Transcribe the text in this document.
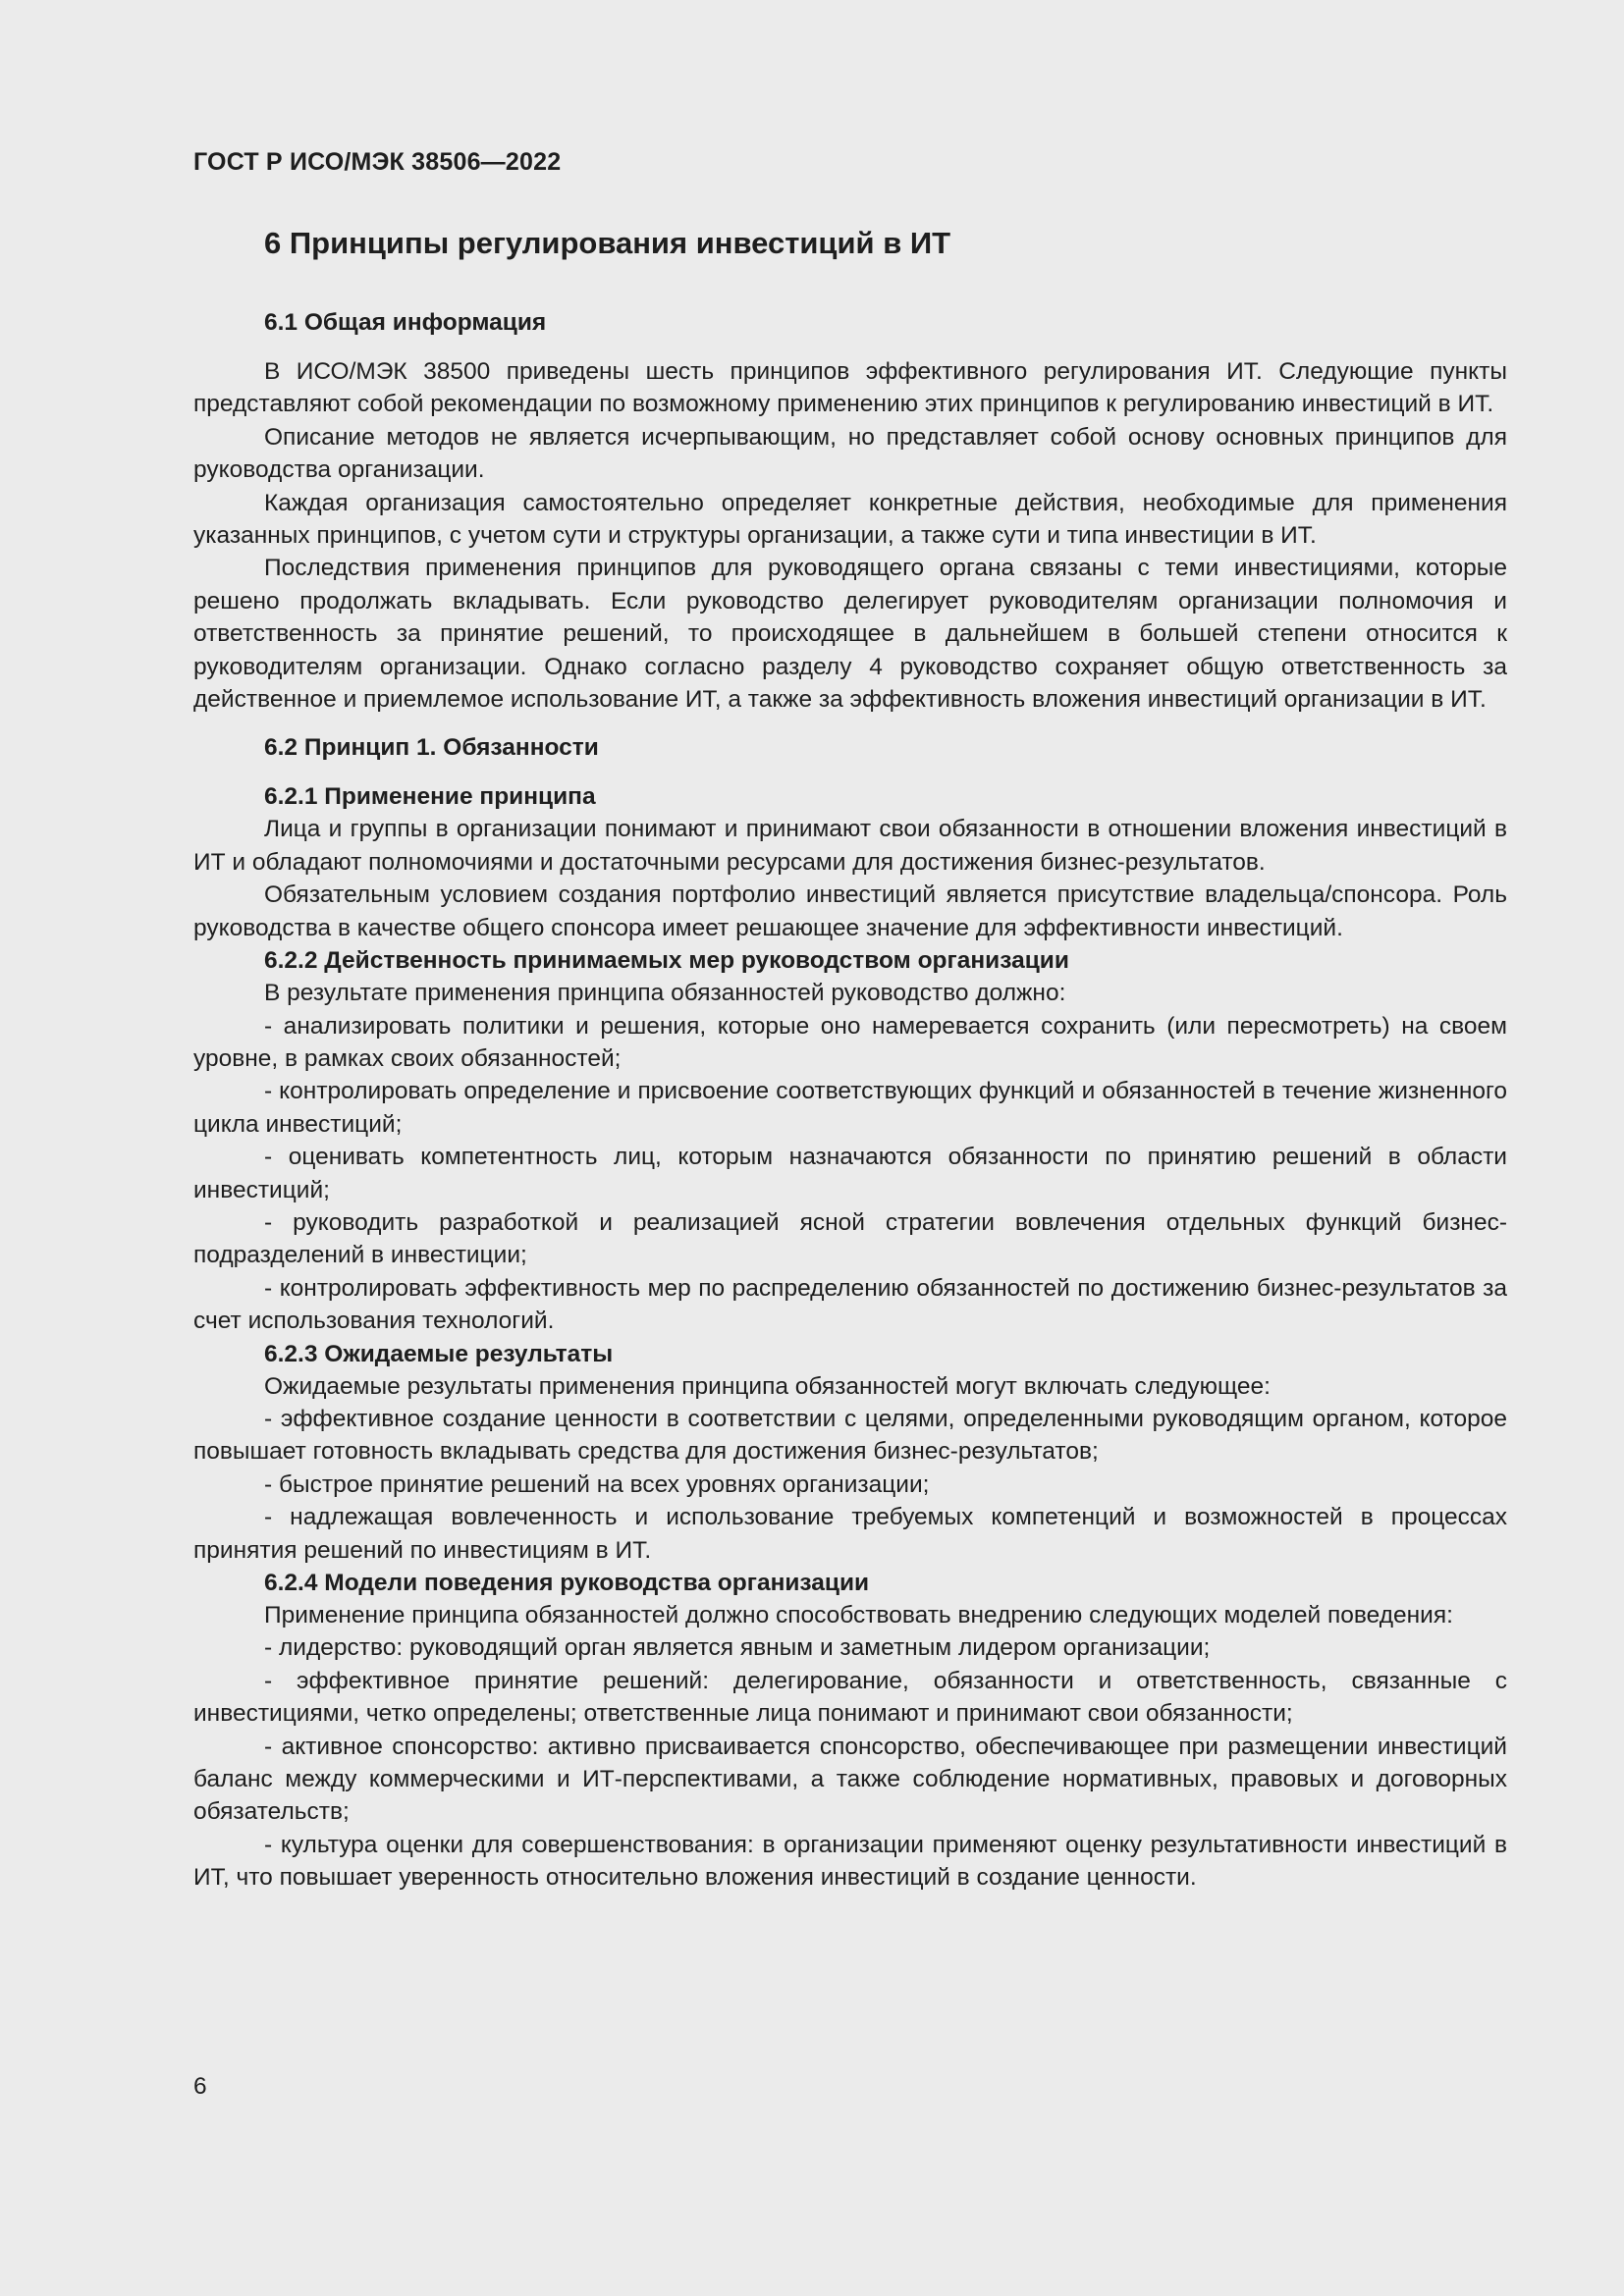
ГОСТ Р ИСО/МЭК 38506—2022

6 Принципы регулирования инвестиций в ИТ
6.1 Общая информация

В ИСО/МЭК 38500 приведены шесть принципов эффективного регулирования ИТ. Следующие пункты представляют собой рекомендации по возможному применению этих принципов к регулированию инвестиций в ИТ.

Описание методов не является исчерпывающим, но представляет собой основу основных принципов для руководства организации.

Каждая организация самостоятельно определяет конкретные действия, необходимые для применения указанных принципов, с учетом сути и структуры организации, а также сути и типа инвестиции в ИТ.

Последствия применения принципов для руководящего органа связаны с теми инвестициями, которые решено продолжать вкладывать. Если руководство делегирует руководителям организации полномочия и ответственность за принятие решений, то происходящее в дальнейшем в большей степени относится к руководителям организации. Однако согласно разделу 4 руководство сохраняет общую ответственность за действенное и приемлемое использование ИТ, а также за эффективность вложения инвестиций организации в ИТ.

6.2 Принцип 1. Обязанности
6.2.1 Применение принципа

Лица и группы в организации понимают и принимают свои обязанности в отношении вложения инвестиций в ИТ и обладают полномочиями и достаточными ресурсами для достижения бизнес-результатов.

Обязательным условием создания портфолио инвестиций является присутствие владельца/спонсора. Роль руководства в качестве общего спонсора имеет решающее значение для эффективности инвестиций.

6.2.2 Действенность принимаемых мер руководством организации

В результате применения принципа обязанностей руководство должно:

- анализировать политики и решения, которые оно намеревается сохранить (или пересмотреть) на своем уровне, в рамках своих обязанностей;

- контролировать определение и присвоение соответствующих функций и обязанностей в течение жизненного цикла инвестиций;

- оценивать компетентность лиц, которым назначаются обязанности по принятию решений в области инвестиций;

- руководить разработкой и реализацией ясной стратегии вовлечения отдельных функций бизнес-подразделений в инвестиции;

- контролировать эффективность мер по распределению обязанностей по достижению бизнес-результатов за счет использования технологий.

6.2.3 Ожидаемые результаты

Ожидаемые результаты применения принципа обязанностей могут включать следующее:

- эффективное создание ценности в соответствии с целями, определенными руководящим органом, которое повышает готовность вкладывать средства для достижения бизнес-результатов;

- быстрое принятие решений на всех уровнях организации;

- надлежащая вовлеченность и использование требуемых компетенций и возможностей в процессах принятия решений по инвестициям в ИТ.

6.2.4 Модели поведения руководства организации

Применение принципа обязанностей должно способствовать внедрению следующих моделей поведения:

- лидерство: руководящий орган является явным и заметным лидером организации;

- эффективное принятие решений: делегирование, обязанности и ответственность, связанные с инвестициями, четко определены; ответственные лица понимают и принимают свои обязанности;

- активное спонсорство: активно присваивается спонсорство, обеспечивающее при размещении инвестиций баланс между коммерческими и ИТ-перспективами, а также соблюдение нормативных, правовых и договорных обязательств;

- культура оценки для совершенствования: в организации применяют оценку результативности инвестиций в ИТ, что повышает уверенность относительно вложения инвестиций в создание ценности.

6
